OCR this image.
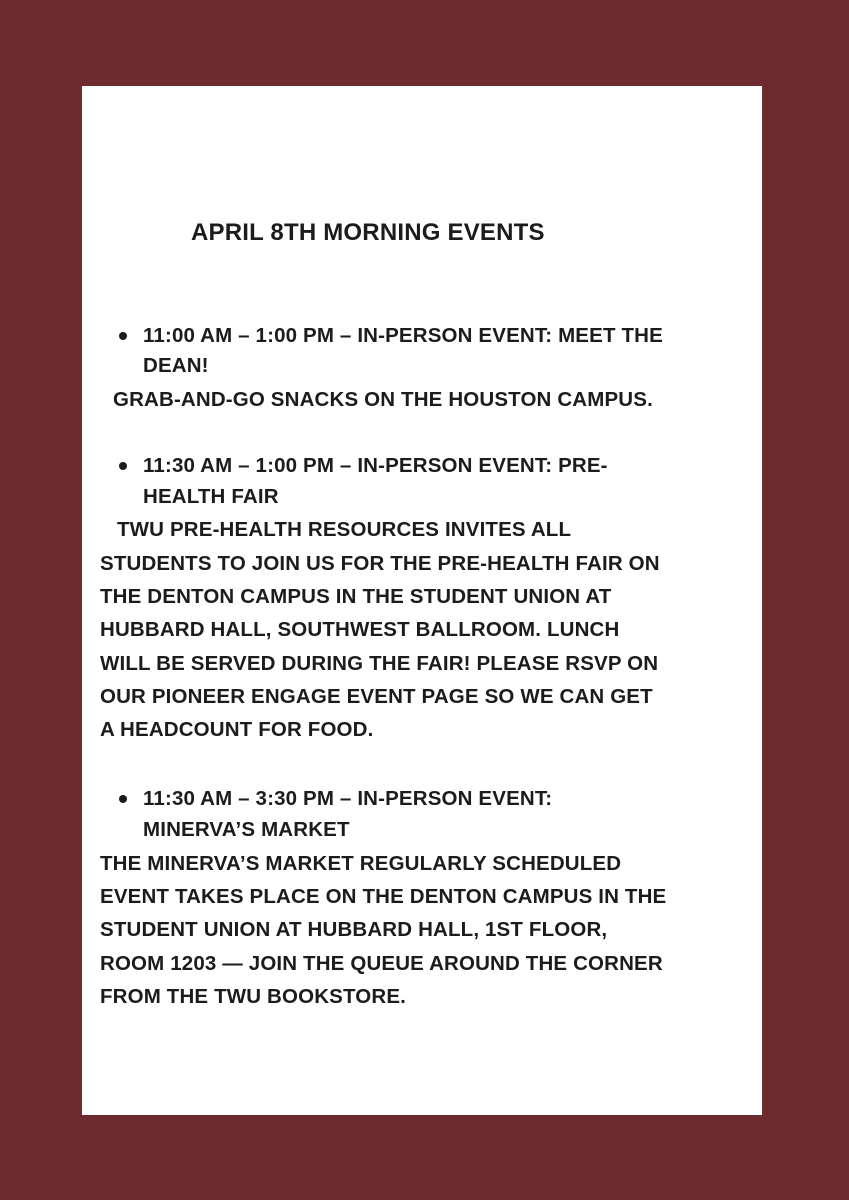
APRIL 8TH MORNING EVENTS
11:00 AM – 1:00 PM – IN-PERSON EVENT: MEET THE
DEAN!
GRAB-AND-GO SNACKS ON THE HOUSTON CAMPUS.
11:30 AM – 1:00 PM – IN-PERSON EVENT: PRE-
HEALTH FAIR
TWU PRE-HEALTH RESOURCES INVITES ALL
STUDENTS TO JOIN US FOR THE PRE-HEALTH FAIR ON
THE DENTON CAMPUS IN THE STUDENT UNION AT
HUBBARD HALL, SOUTHWEST BALLROOM. LUNCH
WILL BE SERVED DURING THE FAIR! PLEASE RSVP ON
OUR PIONEER ENGAGE EVENT PAGE SO WE CAN GET
A HEADCOUNT FOR FOOD.
11:30 AM – 3:30 PM – IN-PERSON EVENT:
MINERVA’S MARKET
THE MINERVA’S MARKET REGULARLY SCHEDULED
EVENT TAKES PLACE ON THE DENTON CAMPUS IN THE
STUDENT UNION AT HUBBARD HALL, 1ST FLOOR,
ROOM 1203 — JOIN THE QUEUE AROUND THE CORNER
FROM THE TWU BOOKSTORE.
